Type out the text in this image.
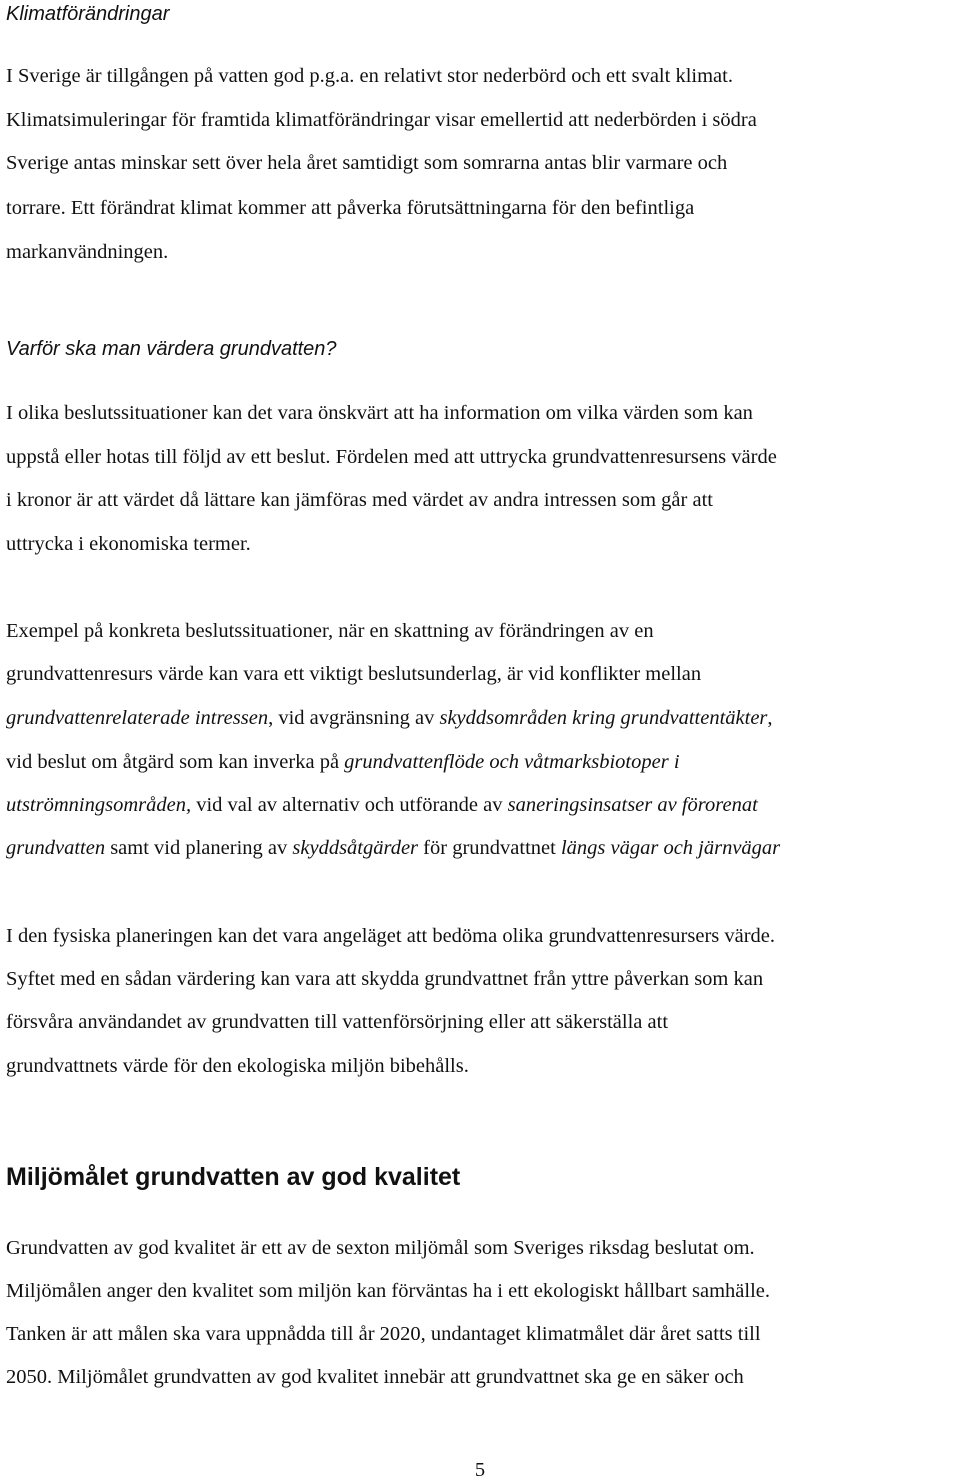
Klimatförändringar
I Sverige är tillgången på vatten god p.g.a. en relativt stor nederbörd och ett svalt klimat.
Klimatsimuleringar för framtida klimatförändringar visar emellertid att nederbörden i södra
Sverige antas minskar sett över hela året samtidigt som somrarna antas blir varmare och
torrare. Ett förändrat klimat kommer att påverka förutsättningarna för den befintliga
markanvändningen.
Varför ska man värdera grundvatten?
I olika beslutssituationer kan det vara önskvärt att ha information om vilka värden som kan
uppstå eller hotas till följd av ett beslut. Fördelen med att uttrycka grundvattenresursens värde
i kronor är att värdet då lättare kan jämföras med värdet av andra intressen som går att
uttrycka i ekonomiska termer.
Exempel på konkreta beslutssituationer, när en skattning av förändringen av en
grundvattenresurs värde kan vara ett viktigt beslutsunderlag, är vid konflikter mellan
grundvattenrelaterade intressen, vid avgränsning av skyddsområden kring grundvattentäkter,
vid beslut om åtgärd som kan inverka på grundvattenflöde och våtmarksbiotoper i
utströmningsområden, vid val av alternativ och utförande av saneringsinsatser av förorenat
grundvatten samt vid planering av skyddsåtgärder för grundvattnet längs vägar och järnvägar
I den fysiska planeringen kan det vara angeläget att bedöma olika grundvattenresursers värde.
Syftet med en sådan värdering kan vara att skydda grundvattnet från yttre påverkan som kan
försvåra användandet av grundvatten till vattenförsörjning eller att säkerställa att
grundvattnets värde för den ekologiska miljön bibehålls.
Miljömålet grundvatten av god kvalitet
Grundvatten av god kvalitet är ett av de sexton miljömål som Sveriges riksdag beslutat om.
Miljömålen anger den kvalitet som miljön kan förväntas ha i ett ekologiskt hållbart samhälle.
Tanken är att målen ska vara uppnådda till år 2020, undantaget klimatmålet där året satts till
2050. Miljömålet grundvatten av god kvalitet innebär att grundvattnet ska ge en säker och
5
